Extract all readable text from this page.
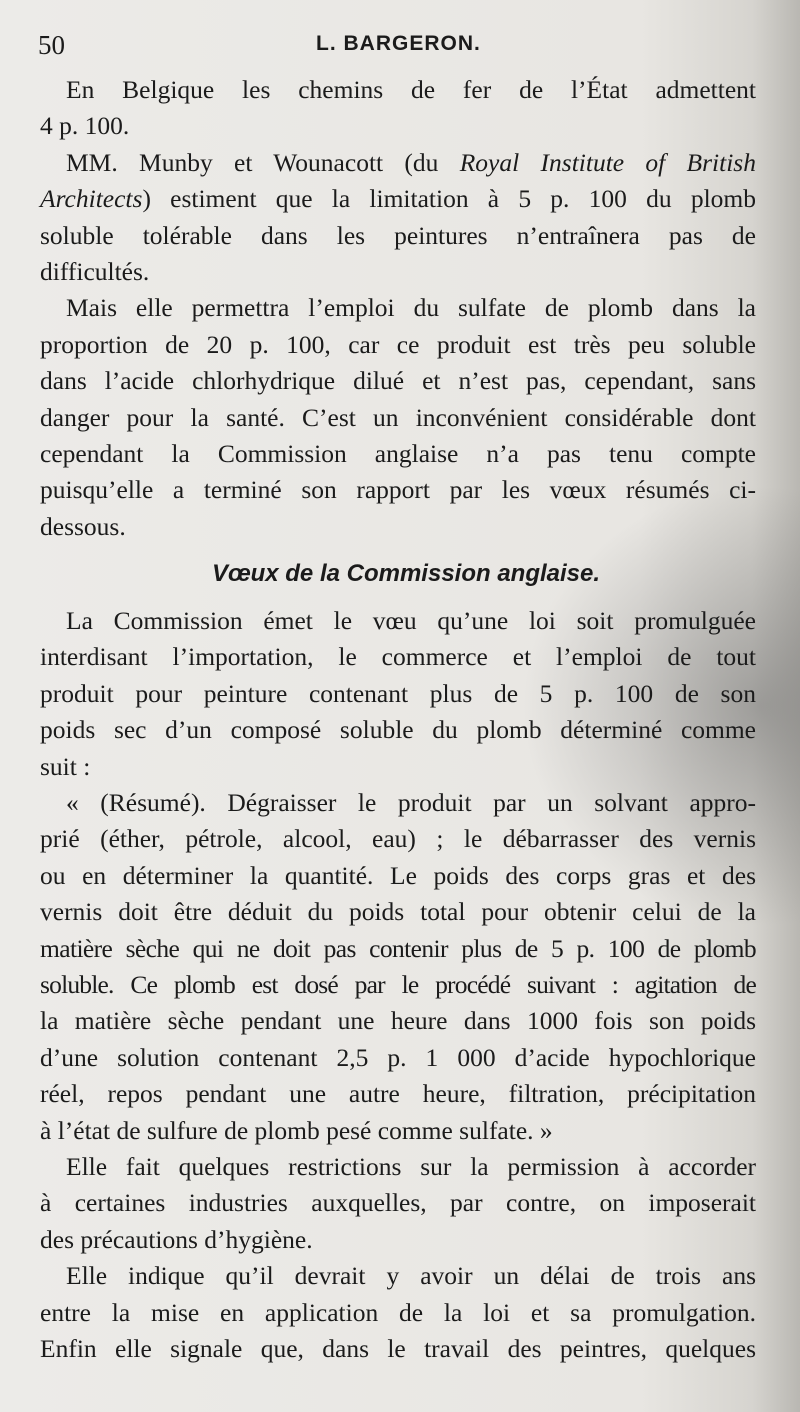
50	L. BARGERON.
En Belgique les chemins de fer de l’État admettent
4 p. 100.
MM. Munby et Wounacott (du Royal Institute of British
Architects) estiment que la limitation à 5 p. 100 du plomb
soluble tolérable dans les peintures n’entraînera pas de
difficultés.
Mais elle permettra l’emploi du sulfate de plomb dans la
proportion de 20 p. 100, car ce produit est très peu soluble
dans l’acide chlorhydrique dilué et n’est pas, cependant, sans
danger pour la santé. C’est un inconvénient considérable dont
cependant la Commission anglaise n’a pas tenu compte
puisqu’elle a terminé son rapport par les vœux résumés ci-
dessous.
Vœux de la Commission anglaise.
La Commission émet le vœu qu’une loi soit promulguée
interdisant l’importation, le commerce et l’emploi de tout
produit pour peinture contenant plus de 5 p. 100 de son
poids sec d’un composé soluble du plomb déterminé comme
suit :
« (Résumé). Dégraisser le produit par un solvant appro-
prié (éther, pétrole, alcool, eau) ; le débarrasser des vernis
ou en déterminer la quantité. Le poids des corps gras et des
vernis doit être déduit du poids total pour obtenir celui de la
matière sèche qui ne doit pas contenir plus de 5 p. 100 de plomb
soluble. Ce plomb est dosé par le procédé suivant : agitation de
la matière sèche pendant une heure dans 1000 fois son poids
d’une solution contenant 2,5 p. 1 000 d’acide hypochlorique
réel, repos pendant une autre heure, filtration, précipitation
à l’état de sulfure de plomb pesé comme sulfate. »
Elle fait quelques restrictions sur la permission à accorder
à certaines industries auxquelles, par contre, on imposerait
des précautions d’hygiène.
Elle indique qu’il devrait y avoir un délai de trois ans
entre la mise en application de la loi et sa promulgation.
Enfin elle signale que, dans le travail des peintres, quelques
